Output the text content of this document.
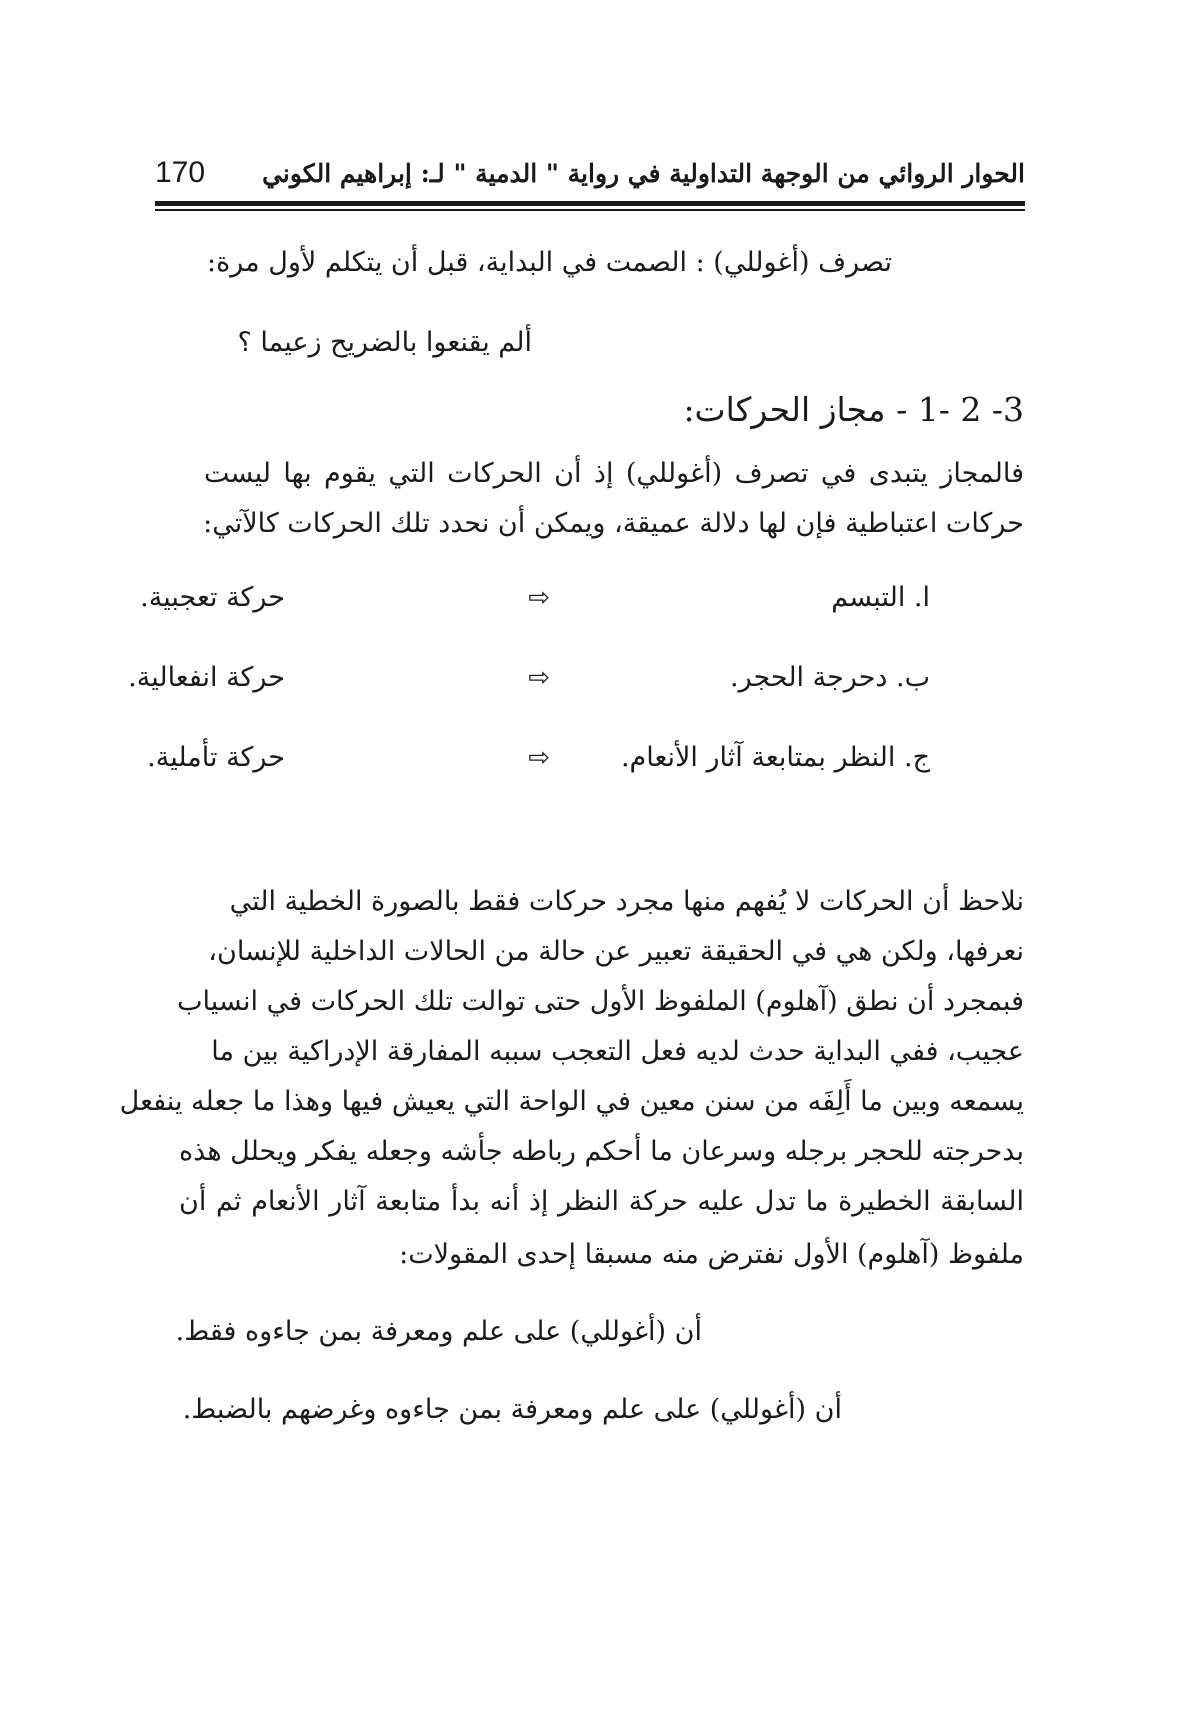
170 الحوار الروائي من الوجهة التداولية في رواية " الدمية " لـ: إبراهيم الكوني
تصرف (أغوللي) : الصمت في البداية، قبل أن يتكلم لأول مرة:
ألم يقنعوا بالضريح زعيما ؟
3- 2 -1 - مجاز الحركات:
فالمجاز يتبدى في تصرف (أغوللي) إذ أن الحركات التي يقوم بها ليست
حركات اعتباطية فإن لها دلالة عميقة، ويمكن أن نحدد تلك الحركات كالآتي:
ا. التبسم
⇨
حركة تعجبية.
ب. دحرجة الحجر.
⇨
حركة انفعالية.
ج. النظر بمتابعة آثار الأنعام.
⇨
حركة تأملية.
نلاحظ أن الحركات لا يُفهم منها مجرد حركات فقط بالصورة الخطية التي
نعرفها، ولكن هي في الحقيقة تعبير عن حالة من الحالات الداخلية للإنسان،
فبمجرد أن نطق (آهلوم) الملفوظ الأول حتى توالت تلك الحركات في انسياب
عجيب، ففي البداية حدث لديه فعل التعجب سببه المفارقة الإدراكية بين ما
يسمعه وبين ما أَلِفَه من سنن معين في الواحة التي يعيش فيها وهذا ما جعله ينفعل
بدحرجته للحجر برجله وسرعان ما أحكم رباطه جأشه وجعله يفكر ويحلل هذه
السابقة الخطيرة ما تدل عليه حركة النظر إذ أنه بدأ متابعة آثار الأنعام ثم أن
ملفوظ (آهلوم) الأول نفترض منه مسبقا إحدى المقولات:
أن (أغوللي) على علم ومعرفة بمن جاءوه فقط.
أن (أغوللي) على علم ومعرفة بمن جاءوه وغرضهم بالضبط.
